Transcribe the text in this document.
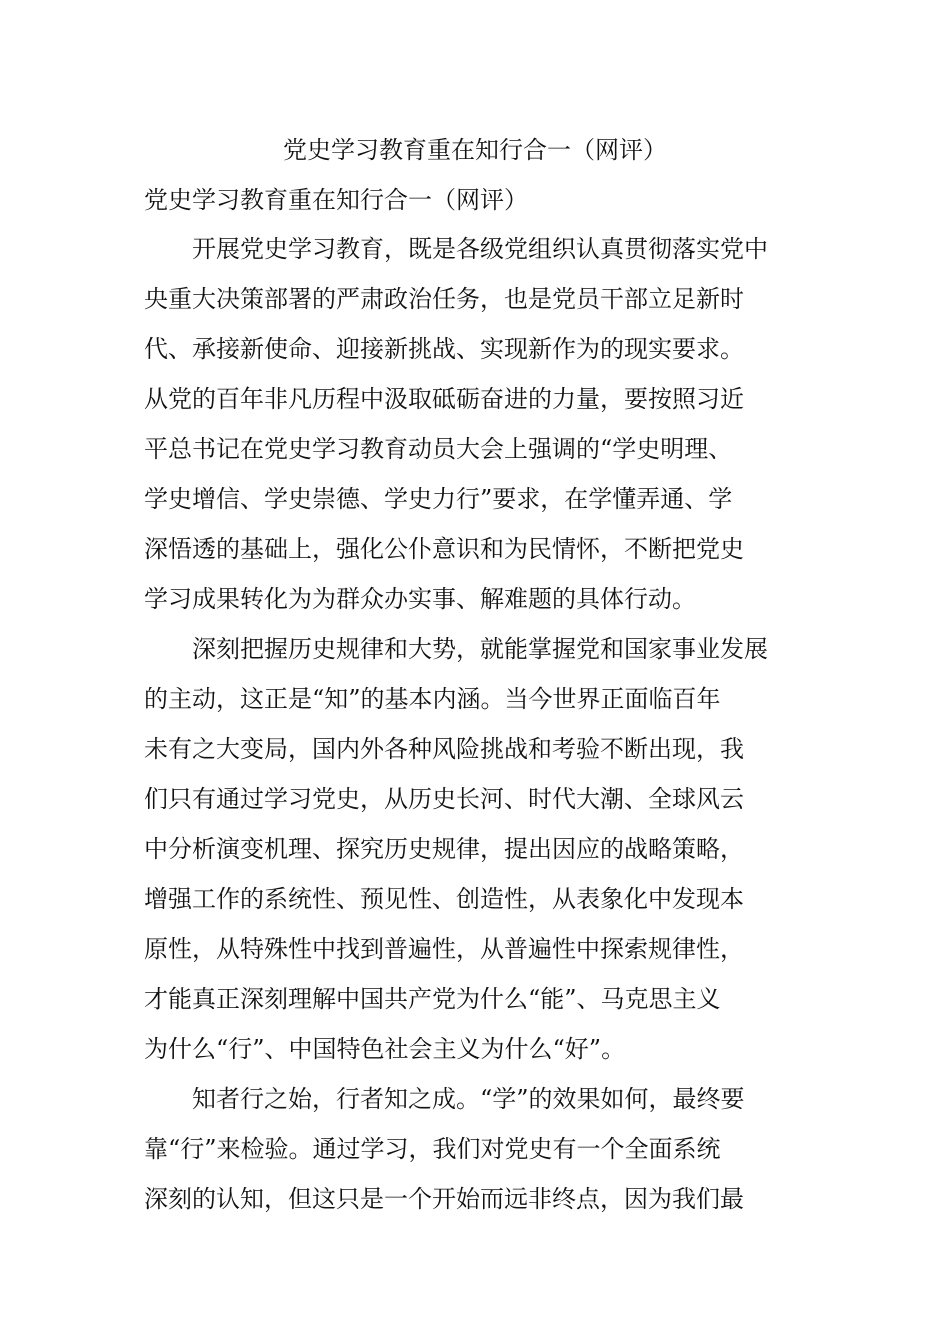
党史学习教育重在知行合一（网评）
党史学习教育重在知行合一（网评）
开展党史学习教育，既是各级党组织认真贯彻落实党中
央重大决策部署的严肃政治任务，也是党员干部立足新时
代、承接新使命、迎接新挑战、实现新作为的现实要求。
从党的百年非凡历程中汲取砥砺奋进的力量，要按照习近
平总书记在党史学习教育动员大会上强调的“学史明理、
学史增信、学史崇德、学史力行”要求，在学懂弄通、学
深悟透的基础上，强化公仆意识和为民情怀，不断把党史
学习成果转化为为群众办实事、解难题的具体行动。
深刻把握历史规律和大势，就能掌握党和国家事业发展
的主动，这正是“知”的基本内涵。当今世界正面临百年
未有之大变局，国内外各种风险挑战和考验不断出现，我
们只有通过学习党史，从历史长河、时代大潮、全球风云
中分析演变机理、探究历史规律，提出因应的战略策略，
增强工作的系统性、预见性、创造性，从表象化中发现本
原性，从特殊性中找到普遍性，从普遍性中探索规律性，
才能真正深刻理解中国共产党为什么“能”、马克思主义
为什么“行”、中国特色社会主义为什么“好”。
知者行之始，行者知之成。“学”的效果如何，最终要
靠“行”来检验。通过学习，我们对党史有一个全面系统
深刻的认知，但这只是一个开始而远非终点，因为我们最
